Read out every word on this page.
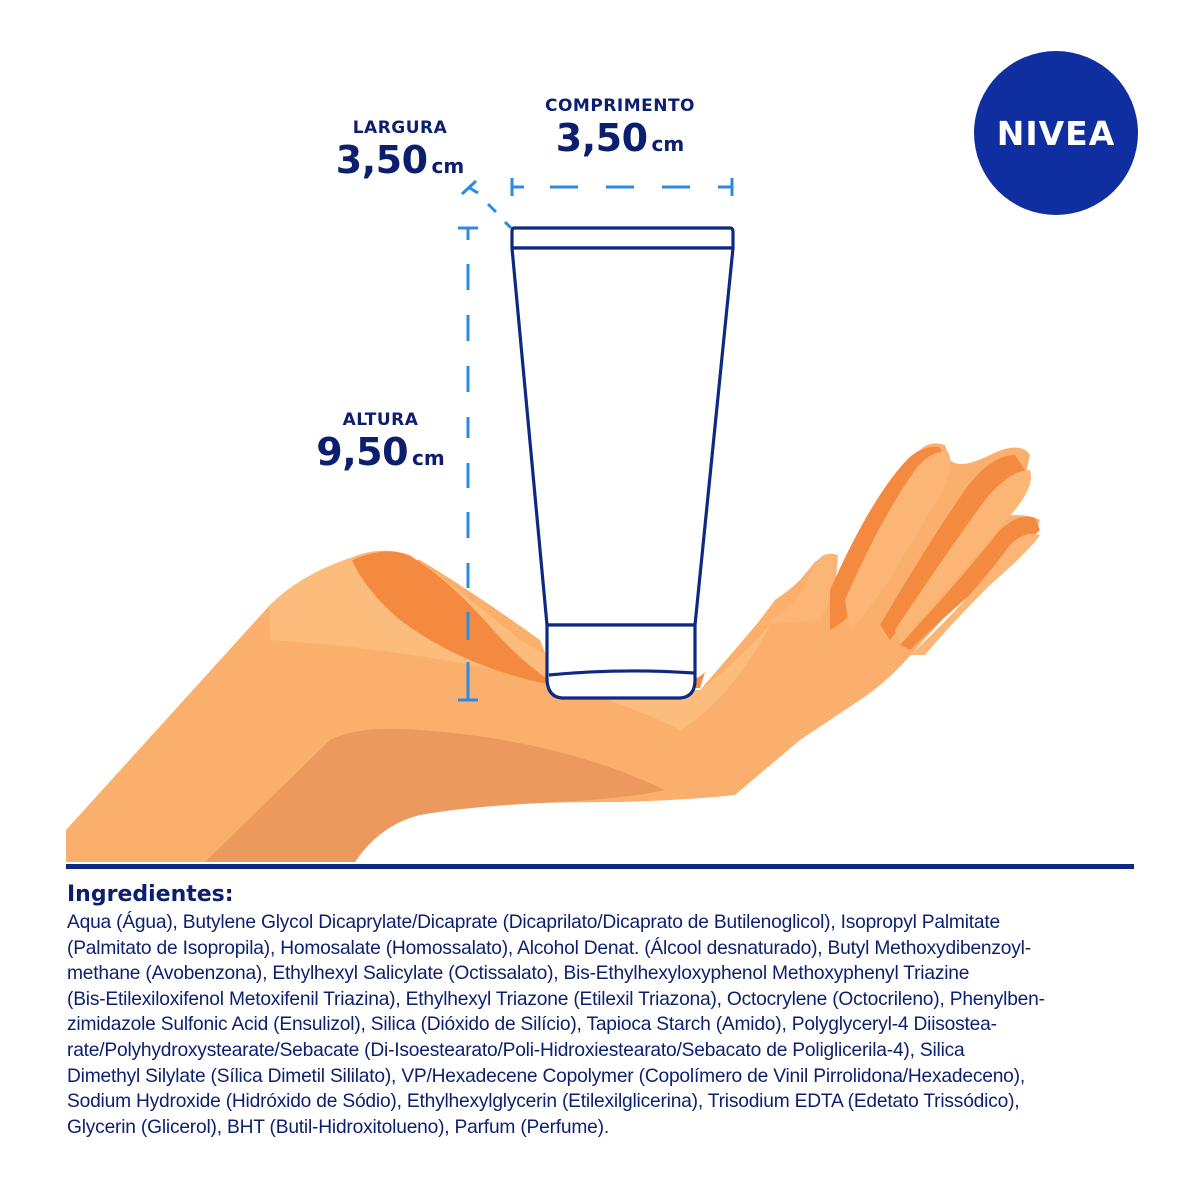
NIVEA
LARGURA
3,50 cm
COMPRIMENTO
3,50 cm
ALTURA
9,50 cm
Ingredientes:

Aqua (Água), Butylene Glycol Dicaprylate/Dicaprate (Dicaprilato/Dicaprato de Butilenoglicol), Isopropyl Palmitate

(Palmitato de Isopropila), Homosalate (Homossalato), Alcohol Denat. (Álcool desnaturado), Butyl Methoxydibenzoyl-

methane (Avobenzona), Ethylhexyl Salicylate (Octissalato), Bis-Ethylhexyloxyphenol Methoxyphenyl Triazine

(Bis-Etilexiloxifenol Metoxifenil Triazina), Ethylhexyl Triazone (Etilexil Triazona), Octocrylene (Octocrileno), Phenylben-

zimidazole Sulfonic Acid (Ensulizol), Silica (Dióxido de Silício), Tapioca Starch (Amido), Polyglyceryl-4 Diisostea-

rate/Polyhydroxystearate/Sebacate (Di-Isoestearato/Poli-Hidroxiestearato/Sebacato de Poliglicerila-4), Silica

Dimethyl Silylate (Sílica Dimetil Sililato), VP/Hexadecene Copolymer (Copolímero de Vinil Pirrolidona/Hexadeceno),

Sodium Hydroxide (Hidróxido de Sódio), Ethylhexylglycerin (Etilexilglicerina), Trisodium EDTA (Edetato Trissódico),

Glycerin (Glicerol), BHT (Butil-Hidroxitolueno), Parfum (Perfume).
